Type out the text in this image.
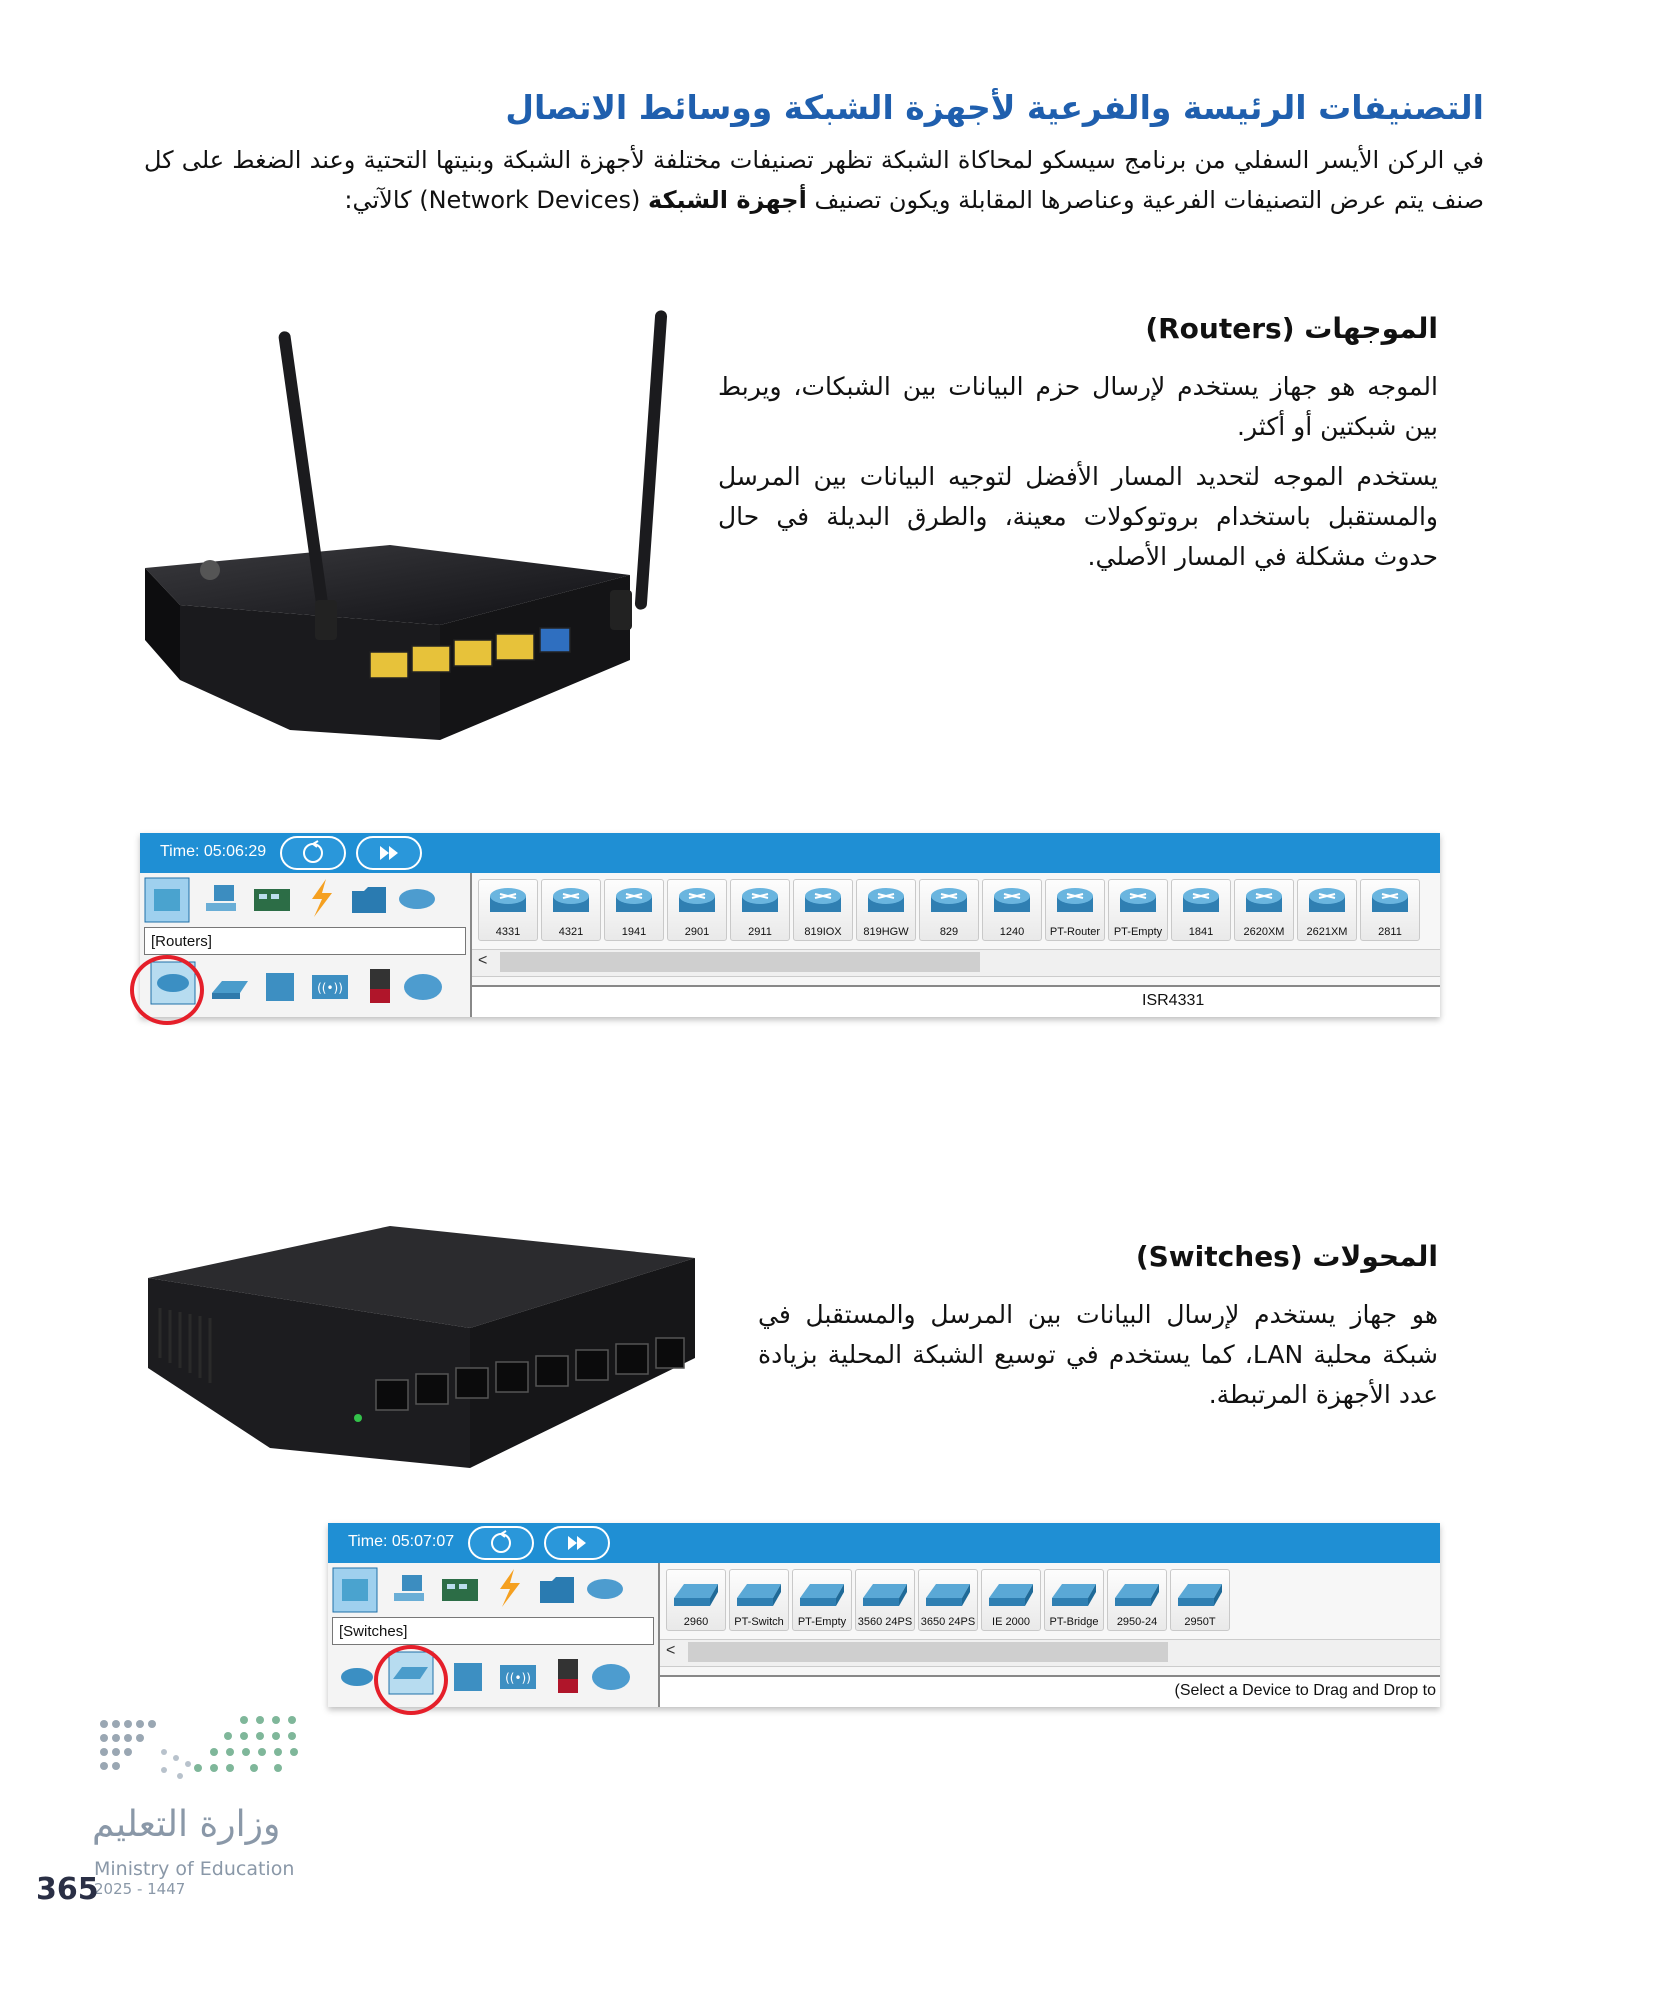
التصنيفات الرئيسة والفرعية لأجهزة الشبكة ووسائط الاتصال
في الركن الأيسر السفلي من برنامج سيسكو لمحاكاة الشبكة تظهر تصنيفات مختلفة لأجهزة الشبكة وبنيتها التحتية وعند الضغط على كل صنف يتم عرض التصنيفات الفرعية وعناصرها المقابلة ويكون تصنيف أجهزة الشبكة (Network Devices) كالآتي:
الموجهات (Routers)

الموجه هو جهاز يستخدم لإرسال حزم البيانات بين الشبكات، ويربط بين شبكتين أو أكثر.

يستخدم الموجه لتحديد المسار الأفضل لتوجيه البيانات بين المرسل والمستقبل باستخدام بروتوكولات معينة، والطرق البديلة في حال حدوث مشكلة في المسار الأصلي.

Time: 05:06:29
[Routers]
((•))
4331	4321	1941	2901	2911	819IOX	819HGW	829	1240	PT-Router	PT-Empty	1841	2620XM	2621XM	2811
<
ISR4331
المحولات (Switches)

هو جهاز يستخدم لإرسال البيانات بين المرسل والمستقبل في شبكة محلية LAN، كما يستخدم في توسيع الشبكة المحلية بزيادة عدد الأجهزة المرتبطة.

Time: 05:07:07
[Switches]
((•))
2960	PT-Switch	PT-Empty	3560 24PS 3650 24PS	IE 2000	PT-Bridge	2950-24	2950T
<
(Select a Device to Drag and Drop to
وزارة التعليم
Ministry of Education
2025 - 1447
365
